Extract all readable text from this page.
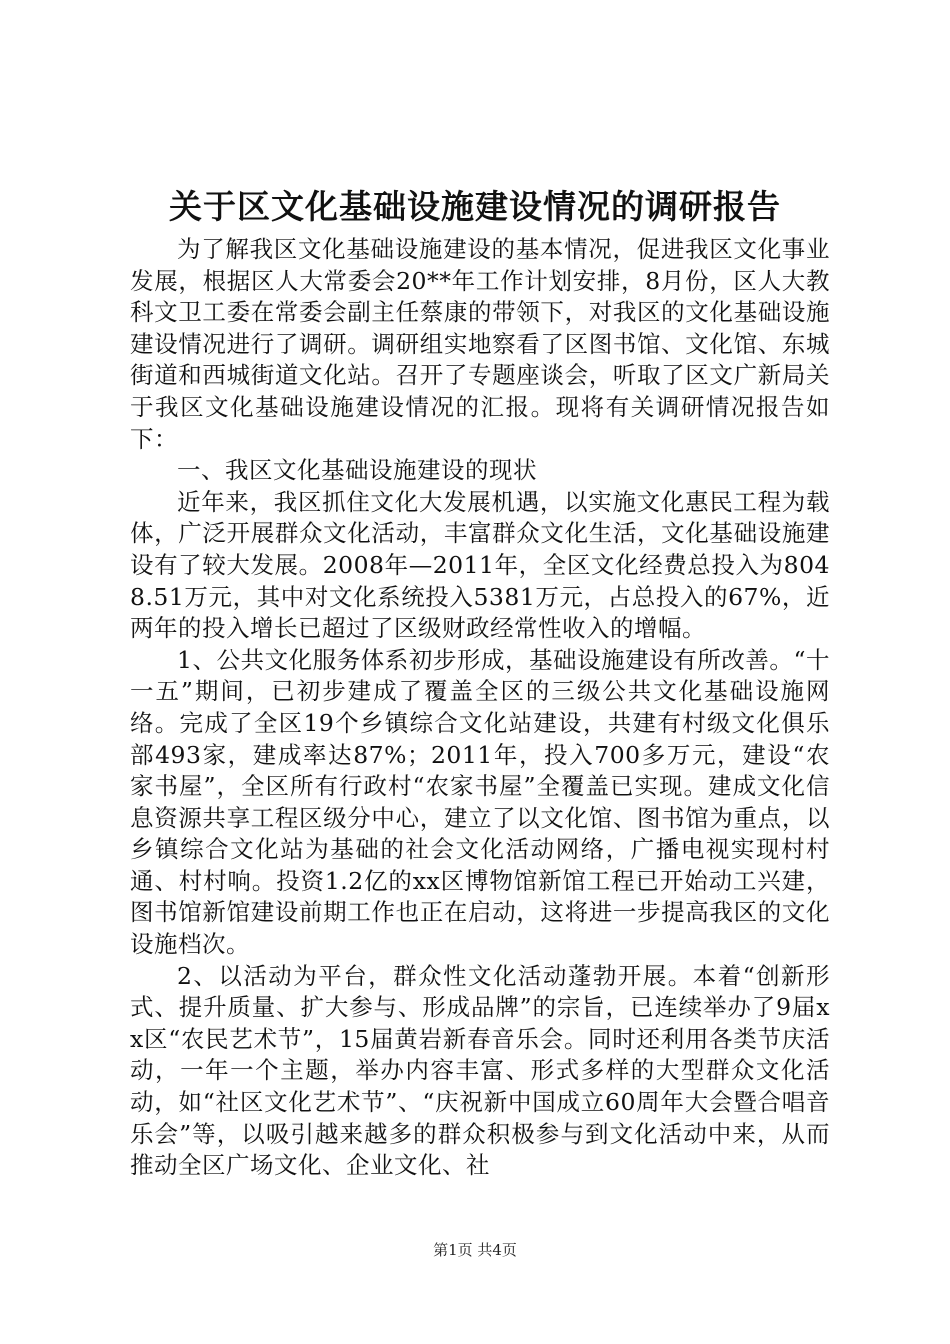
关于区文化基础设施建设情况的调研报告

为了解我区文化基础设施建设的基本情况，促进我区文化事业发展，根据区人大常委会20**年工作计划安排，8月份，区人大教科文卫工委在常委会副主任蔡康的带领下，对我区的文化基础设施建设情况进行了调研。调研组实地察看了区图书馆、文化馆、东城街道和西城街道文化站。召开了专题座谈会，听取了区文广新局关于我区文化基础设施建设情况的汇报。现将有关调研情况报告如下：

一、我区文化基础设施建设的现状

近年来，我区抓住文化大发展机遇，以实施文化惠民工程为载体，广泛开展群众文化活动，丰富群众文化生活，文化基础设施建设有了较大发展。2008年—2011年，全区文化经费总投入为8048.51万元，其中对文化系统投入5381万元，占总投入的67%，近两年的投入增长已超过了区级财政经常性收入的增幅。

1、公共文化服务体系初步形成，基础设施建设有所改善。“十一五”期间，已初步建成了覆盖全区的三级公共文化基础设施网络。完成了全区19个乡镇综合文化站建设，共建有村级文化俱乐部493家，建成率达87%；2011年，投入700多万元，建设“农家书屋”，全区所有行政村“农家书屋”全覆盖已实现。建成文化信息资源共享工程区级分中心，建立了以文化馆、图书馆为重点，以乡镇综合文化站为基础的社会文化活动网络，广播电视实现村村通、村村响。投资1.2亿的xx区博物馆新馆工程已开始动工兴建，图书馆新馆建设前期工作也正在启动，这将进一步提高我区的文化设施档次。

2、以活动为平台，群众性文化活动蓬勃开展。本着“创新形式、提升质量、扩大参与、形成品牌”的宗旨，已连续举办了9届xx区“农民艺术节”，15届黄岩新春音乐会。同时还利用各类节庆活动，一年一个主题，举办内容丰富、形式多样的大型群众文化活动，如“社区文化艺术节”、“庆祝新中国成立60周年大会暨合唱音乐会”等，以吸引越来越多的群众积极参与到文化活动中来，从而推动全区广场文化、企业文化、社

第1页 共4页
